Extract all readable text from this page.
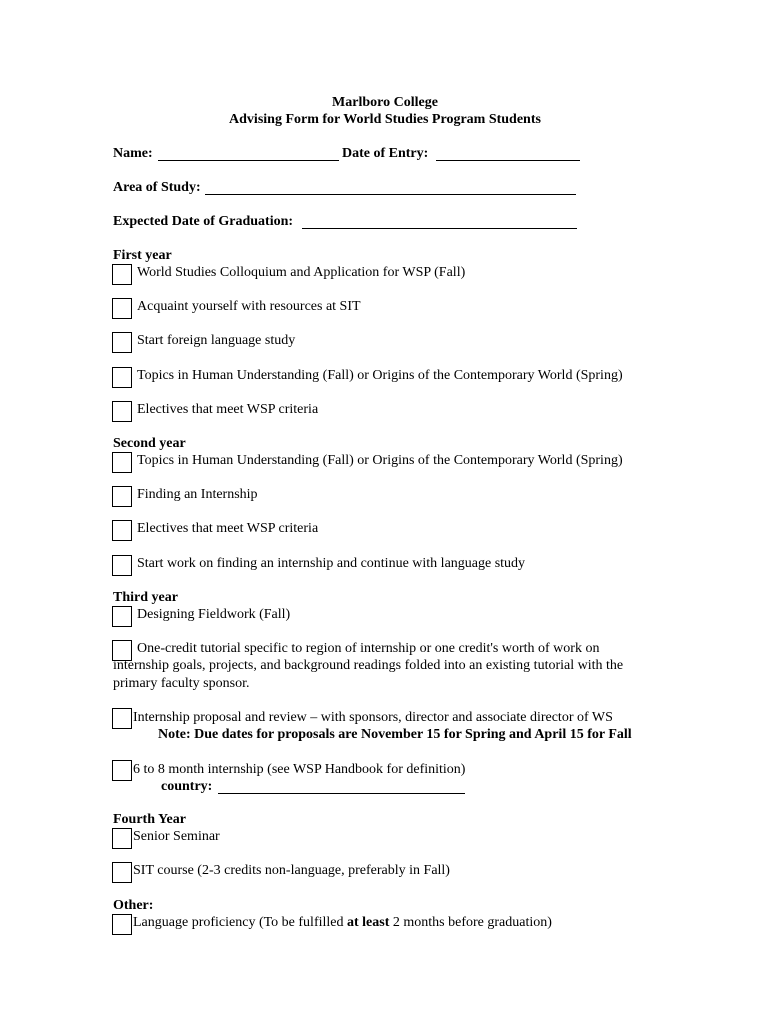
Marlboro College
Advising Form for World Studies Program Students
Name:	Date of Entry:
Area of Study:
Expected Date of Graduation:
First year
World Studies Colloquium and Application for WSP (Fall)
Acquaint yourself with resources at SIT
Start foreign language study
Topics in Human Understanding (Fall) or Origins of the Contemporary World (Spring)
Electives that meet WSP criteria
Second year
Topics in Human Understanding (Fall) or Origins of the Contemporary World (Spring)
Finding an Internship
Electives that meet WSP criteria
Start work on finding an internship and continue with language study
Third year
Designing Fieldwork (Fall)
One-credit tutorial specific to region of internship or one credit's worth of work on
internship goals, projects, and background readings folded into an existing tutorial with the
primary faculty sponsor.
Internship proposal and review – with sponsors, director and associate director of WS
Note: Due dates for proposals are November 15 for Spring and April 15 for Fall
6 to 8 month internship (see WSP Handbook for definition)
country:
Fourth Year
Senior Seminar
SIT course (2-3 credits non-language, preferably in Fall)
Other:
Language proficiency (To be fulfilled at least 2 months before graduation)
